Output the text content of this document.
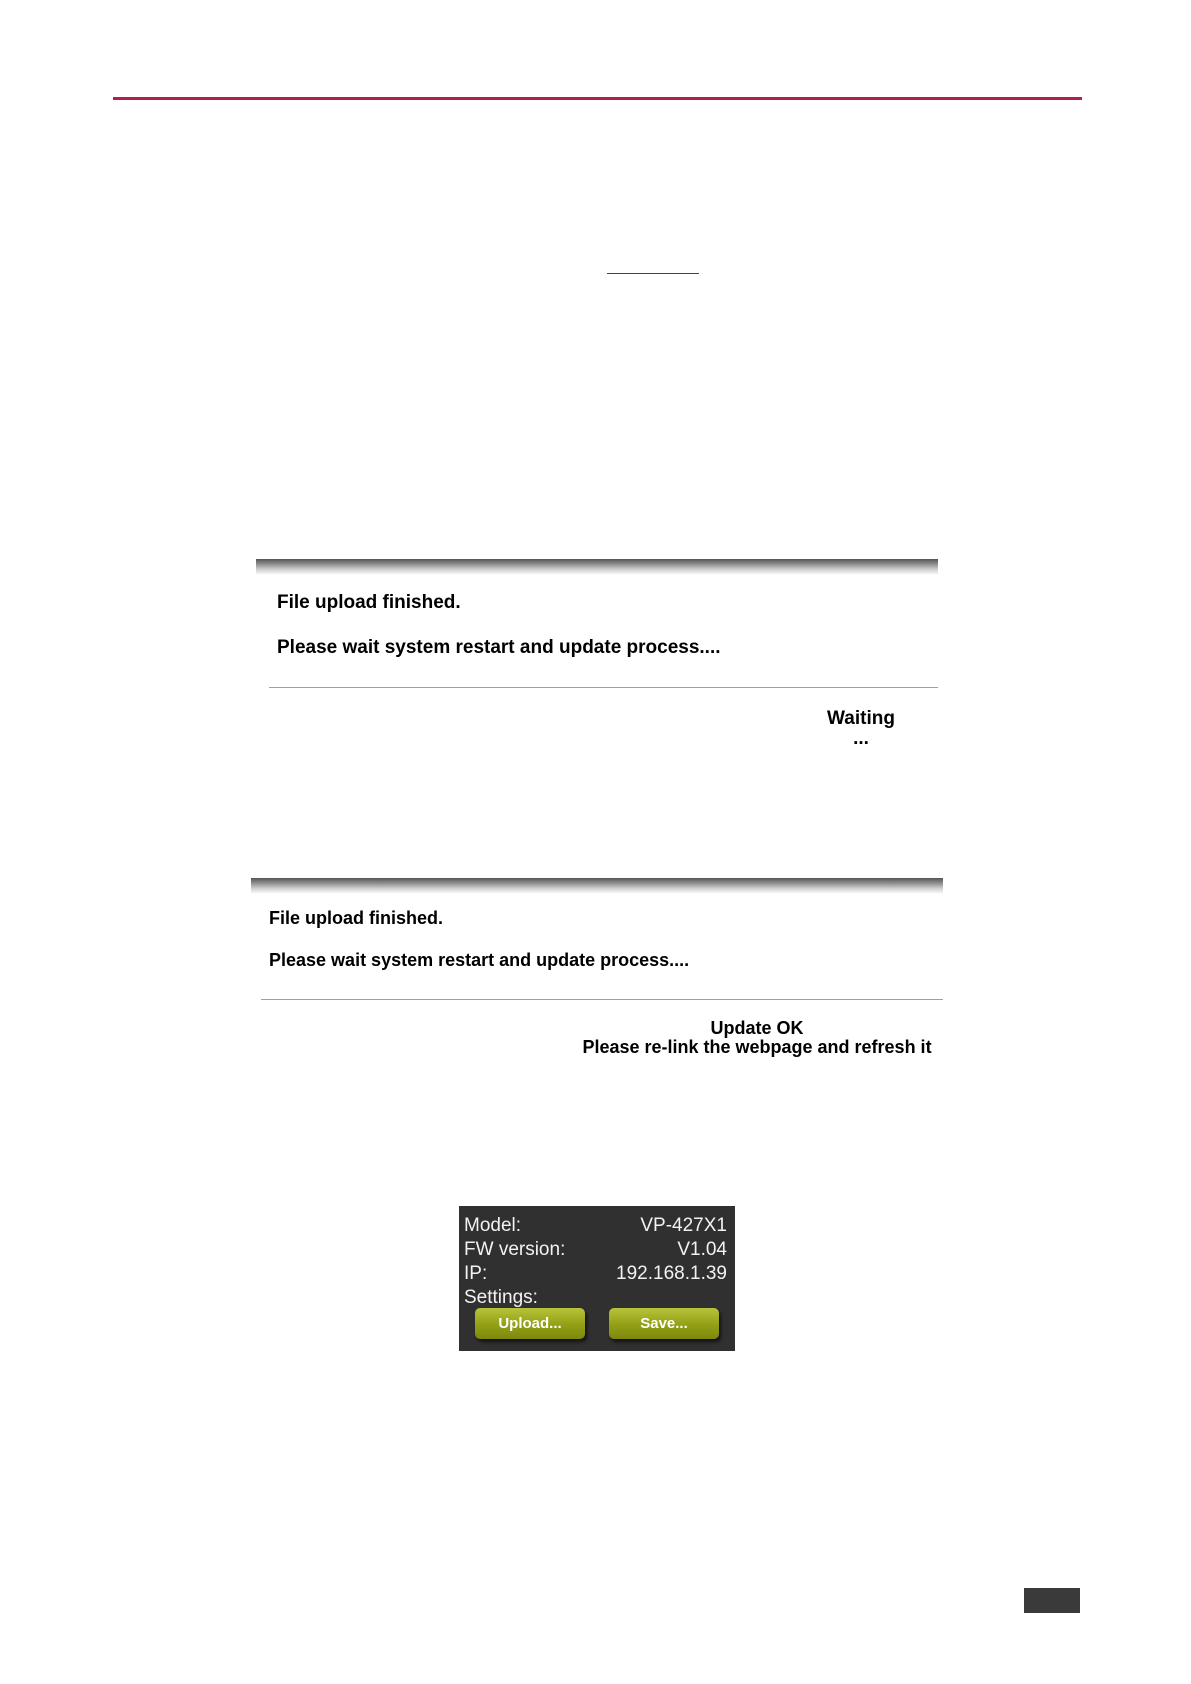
File upload finished.
Please wait system restart and update process....
Waiting
...
File upload finished.
Please wait system restart and update process....
Update OK
Please re-link the webpage and refresh it
Model:	VP-427X1
FW version:	V1.04
IP:	192.168.1.39
Settings:
Upload...	Save...
